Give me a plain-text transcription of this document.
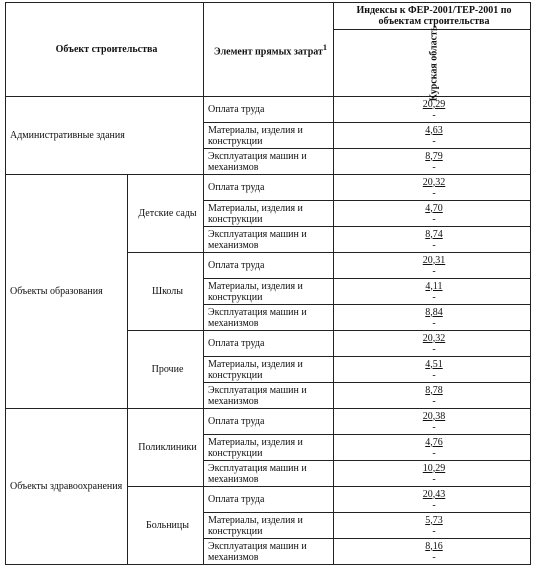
Объект строительства		Элемент прямых затрат$^1$	Индексы к ФЕР-2001/ТЕР-2001 по объектам строительства
			Курская область
Административные здания		Оплата труда	20,29
-

		Материалы, изделия и конструкции	4,63
-

		Эксплуатация машин и механизмов	8,79
-

Объекты образования	Детские сады	Оплата труда	20,32
-

		Материалы, изделия и конструкции	4,70
-

		Эксплуатация машин и механизмов	8,74
-

	Школы	Оплата труда	20,31
-

		Материалы, изделия и конструкции	4,11
-

		Эксплуатация машин и механизмов	8,84
-

	Прочие	Оплата труда	20,32
-

		Материалы, изделия и конструкции	4,51
-

		Эксплуатация машин и механизмов	8,78
-

Объекты здравоохранения	Поликлиники	Оплата труда	20,38
-

		Материалы, изделия и конструкции	4,76
-

		Эксплуатация машин и механизмов	10,29
-

	Больницы	Оплата труда	20,43
-

		Материалы, изделия и конструкции	5,73
-

		Эксплуатация машин и механизмов	8,16
-
